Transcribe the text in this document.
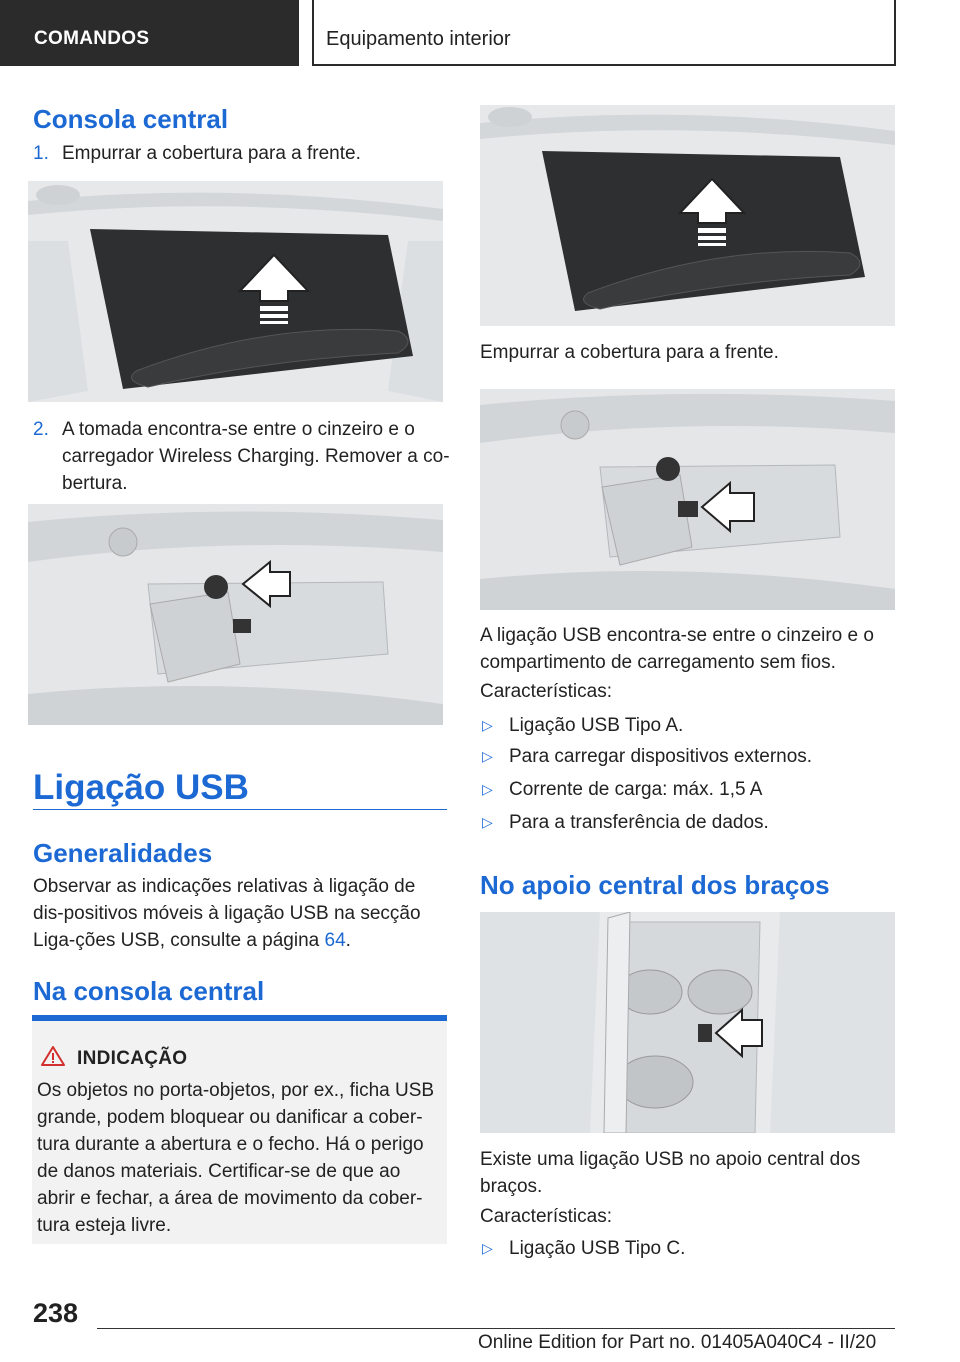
COMANDOS	Equipamento interior
Consola central
1. Empurrar a cobertura para a frente.
2. A tomada encontra-se entre o cinzeiro e o carregador Wireless Charging. Remover a co-bertura.
Ligação USB
Generalidades
Observar as indicações relativas à ligação de dis-positivos móveis à ligação USB na secção Liga-ções USB, consulte a página 64.
Na consola central
INDICAÇÃO
Os objetos no porta-objetos, por ex., ficha USB grande, podem bloquear ou danificar a cober-tura durante a abertura e o fecho. Há o perigo de danos materiais. Certificar-se de que ao abrir e fechar, a área de movimento da cober-tura esteja livre.
Empurrar a cobertura para a frente.
A ligação USB encontra-se entre o cinzeiro e o compartimento de carregamento sem fios.
Características:
▷ Ligação USB Tipo A.
▷ Para carregar dispositivos externos.
▷ Corrente de carga: máx. 1,5 A
▷ Para a transferência de dados.
No apoio central dos braços
Existe uma ligação USB no apoio central dos braços.
Características:
▷ Ligação USB Tipo C.
238
Online Edition for Part no. 01405A040C4 - II/20
